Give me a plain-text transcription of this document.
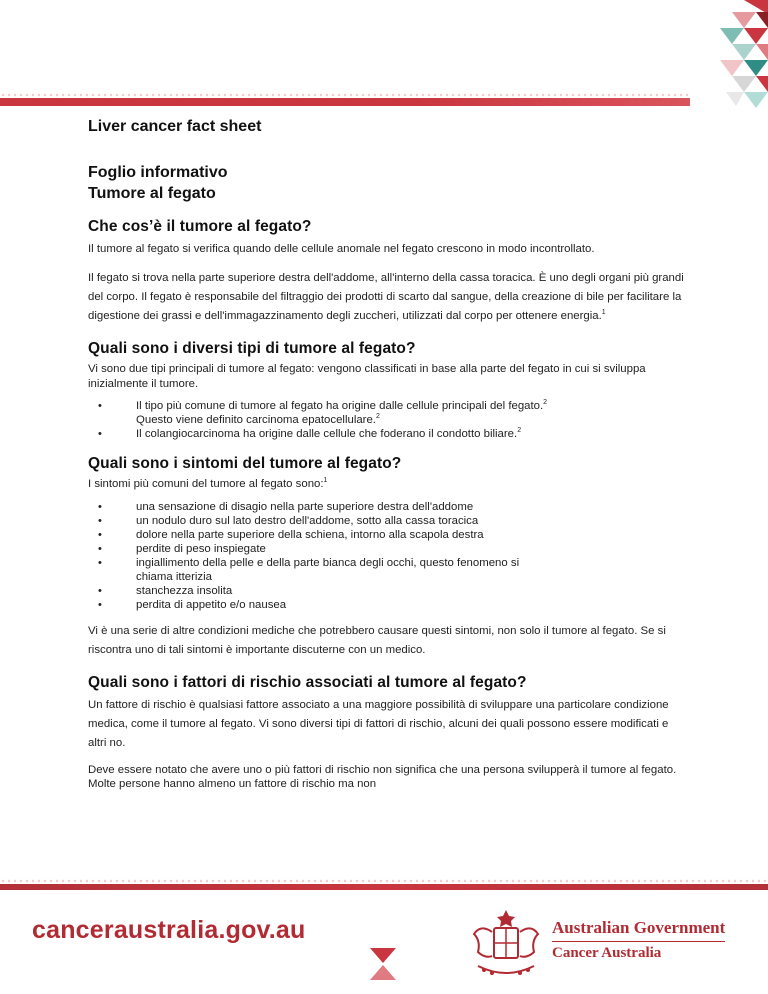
Liver cancer fact sheet
Foglio informativo
Tumore al fegato
Che cos’è il tumore al fegato?

Il tumore al fegato si verifica quando delle cellule anomale nel fegato crescono in modo incontrollato.

Il fegato si trova nella parte superiore destra dell'addome, all'interno della cassa toracica. È uno degli organi più grandi del corpo. Il fegato è responsabile del filtraggio dei prodotti di scarto dal sangue, della creazione di bile per facilitare la digestione dei grassi e dell'immagazzinamento degli zuccheri, utilizzati dal corpo per ottenere energia.$^1$

Quali sono i diversi tipi di tumore al fegato?

Vi sono due tipi principali di tumore al fegato: vengono classificati in base alla parte del fegato in cui si sviluppa inizialmente il tumore.

• Il tipo più comune di tumore al fegato ha origine dalle cellule principali del fegato.$^2$
Questo viene definito carcinoma epatocellulare.$^2$
• Il colangiocarcinoma ha origine dalle cellule che foderano il condotto biliare.$^2$
Quali sono i sintomi del tumore al fegato?

I sintomi più comuni del tumore al fegato sono:$^1$

• una sensazione di disagio nella parte superiore destra dell'addome
• un nodulo duro sul lato destro dell'addome, sotto alla cassa toracica
• dolore nella parte superiore della schiena, intorno alla scapola destra
• perdite di peso inspiegate
• ingiallimento della pelle e della parte bianca degli occhi, questo fenomeno si chiama itterizia
• stanchezza insolita
• perdita di appetito e/o nausea

Vi è una serie di altre condizioni mediche che potrebbero causare questi sintomi, non solo il tumore al fegato. Se si riscontra uno di tali sintomi è importante discuterne con un medico.

Quali sono i fattori di rischio associati al tumore al fegato?

Un fattore di rischio è qualsiasi fattore associato a una maggiore possibilità di sviluppare una particolare condizione medica, come il tumore al fegato. Vi sono diversi tipi di fattori di rischio, alcuni dei quali possono essere modificati e altri no.

Deve essere notato che avere uno o più fattori di rischio non significa che una persona svilupperà il tumore al fegato. Molte persone hanno almeno un fattore di rischio ma non

canceraustralia.gov.au	Australian Government
Cancer Australia
